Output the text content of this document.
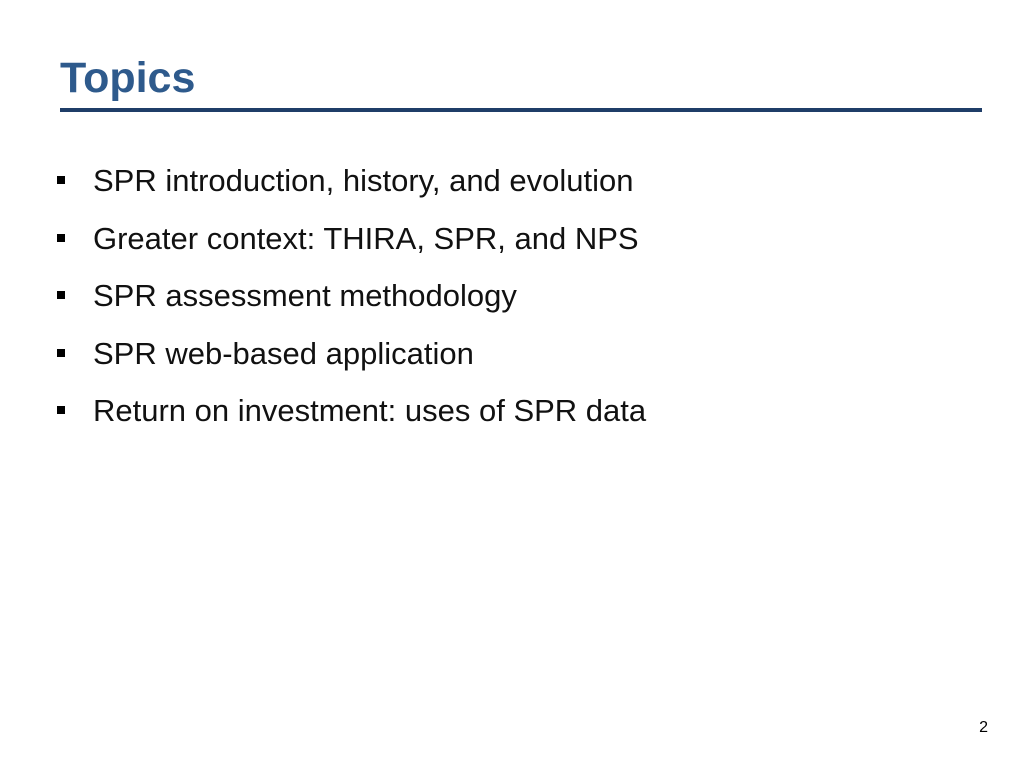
Topics
SPR introduction, history, and evolution
Greater context: THIRA, SPR, and NPS
SPR assessment methodology
SPR web-based application
Return on investment: uses of SPR data
2
